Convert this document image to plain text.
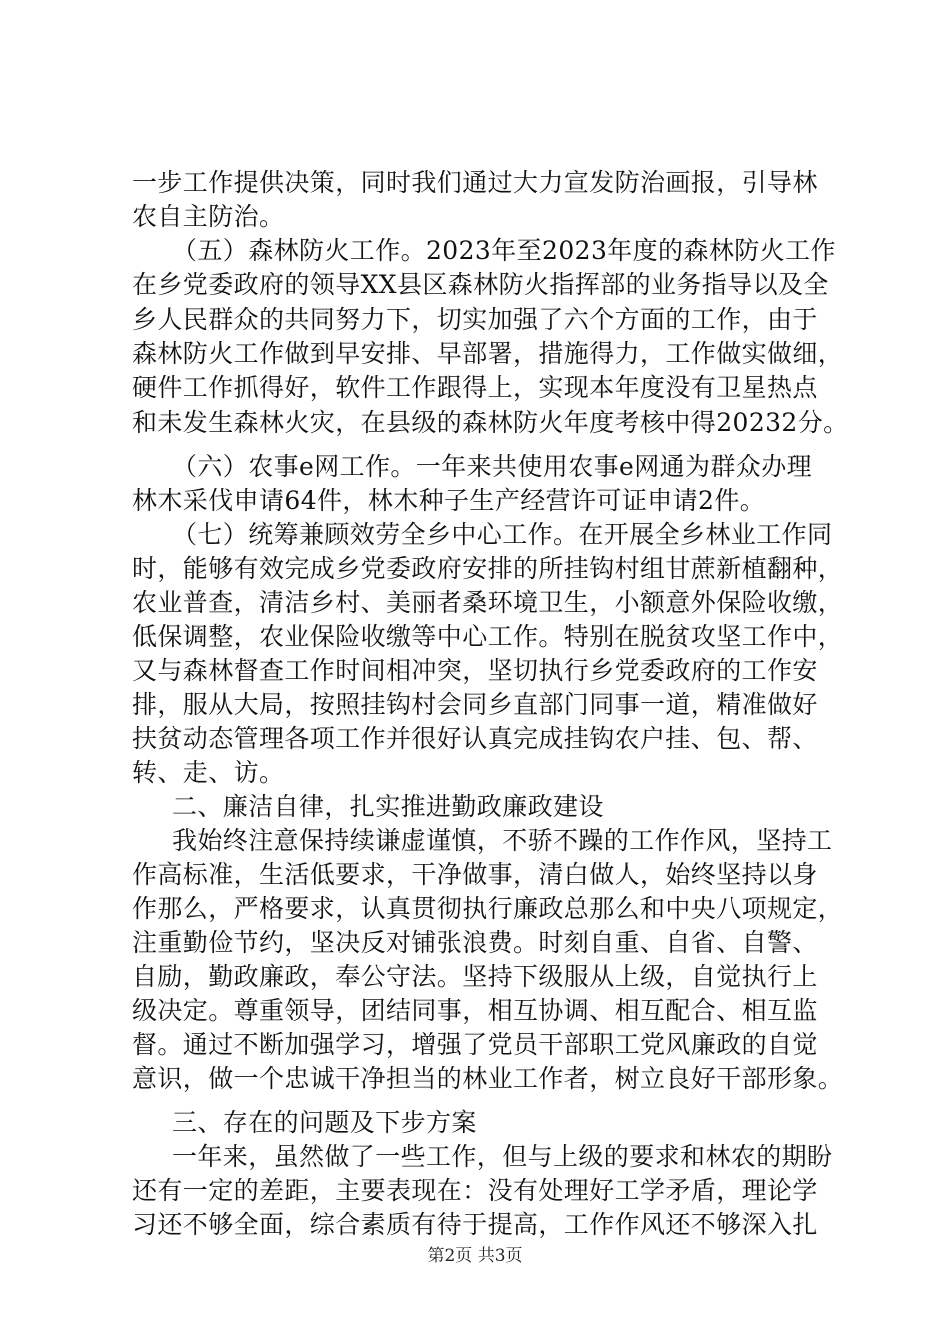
一步工作提供决策，同时我们通过大力宣发防治画报，引导林
农自主防治。
（五）森林防火工作。2023年至2023年度的森林防火工作
在乡党委政府的领导XX县区森林防火指挥部的业务指导以及全
乡人民群众的共同努力下，切实加强了六个方面的工作，由于
森林防火工作做到早安排、早部署，措施得力，工作做实做细，
硬件工作抓得好，软件工作跟得上，实现本年度没有卫星热点
和未发生森林火灾，在县级的森林防火年度考核中得20232分。
（六）农事e网工作。一年来共使用农事e网通为群众办理
林木采伐申请64件，林木种子生产经营许可证申请2件。
（七）统筹兼顾效劳全乡中心工作。在开展全乡林业工作同
时，能够有效完成乡党委政府安排的所挂钩村组甘蔗新植翻种，
农业普查，清洁乡村、美丽者桑环境卫生，小额意外保险收缴，
低保调整，农业保险收缴等中心工作。特别在脱贫攻坚工作中，
又与森林督查工作时间相冲突，坚切执行乡党委政府的工作安
排，服从大局，按照挂钩村会同乡直部门同事一道，精准做好
扶贫动态管理各项工作并很好认真完成挂钩农户挂、包、帮、
转、走、访。
二、廉洁自律，扎实推进勤政廉政建设
我始终注意保持续谦虚谨慎，不骄不躁的工作作风，坚持工
作高标准，生活低要求，干净做事，清白做人，始终坚持以身
作那么，严格要求，认真贯彻执行廉政总那么和中央八项规定，
注重勤俭节约，坚决反对铺张浪费。时刻自重、自省、自警、
自励，勤政廉政，奉公守法。坚持下级服从上级，自觉执行上
级决定。尊重领导，团结同事，相互协调、相互配合、相互监
督。通过不断加强学习，增强了党员干部职工党风廉政的自觉
意识，做一个忠诚干净担当的林业工作者，树立良好干部形象。
三、存在的问题及下步方案
一年来，虽然做了一些工作，但与上级的要求和林农的期盼
还有一定的差距，主要表现在：没有处理好工学矛盾，理论学
习还不够全面，综合素质有待于提高，工作作风还不够深入扎
第2页 共3页
